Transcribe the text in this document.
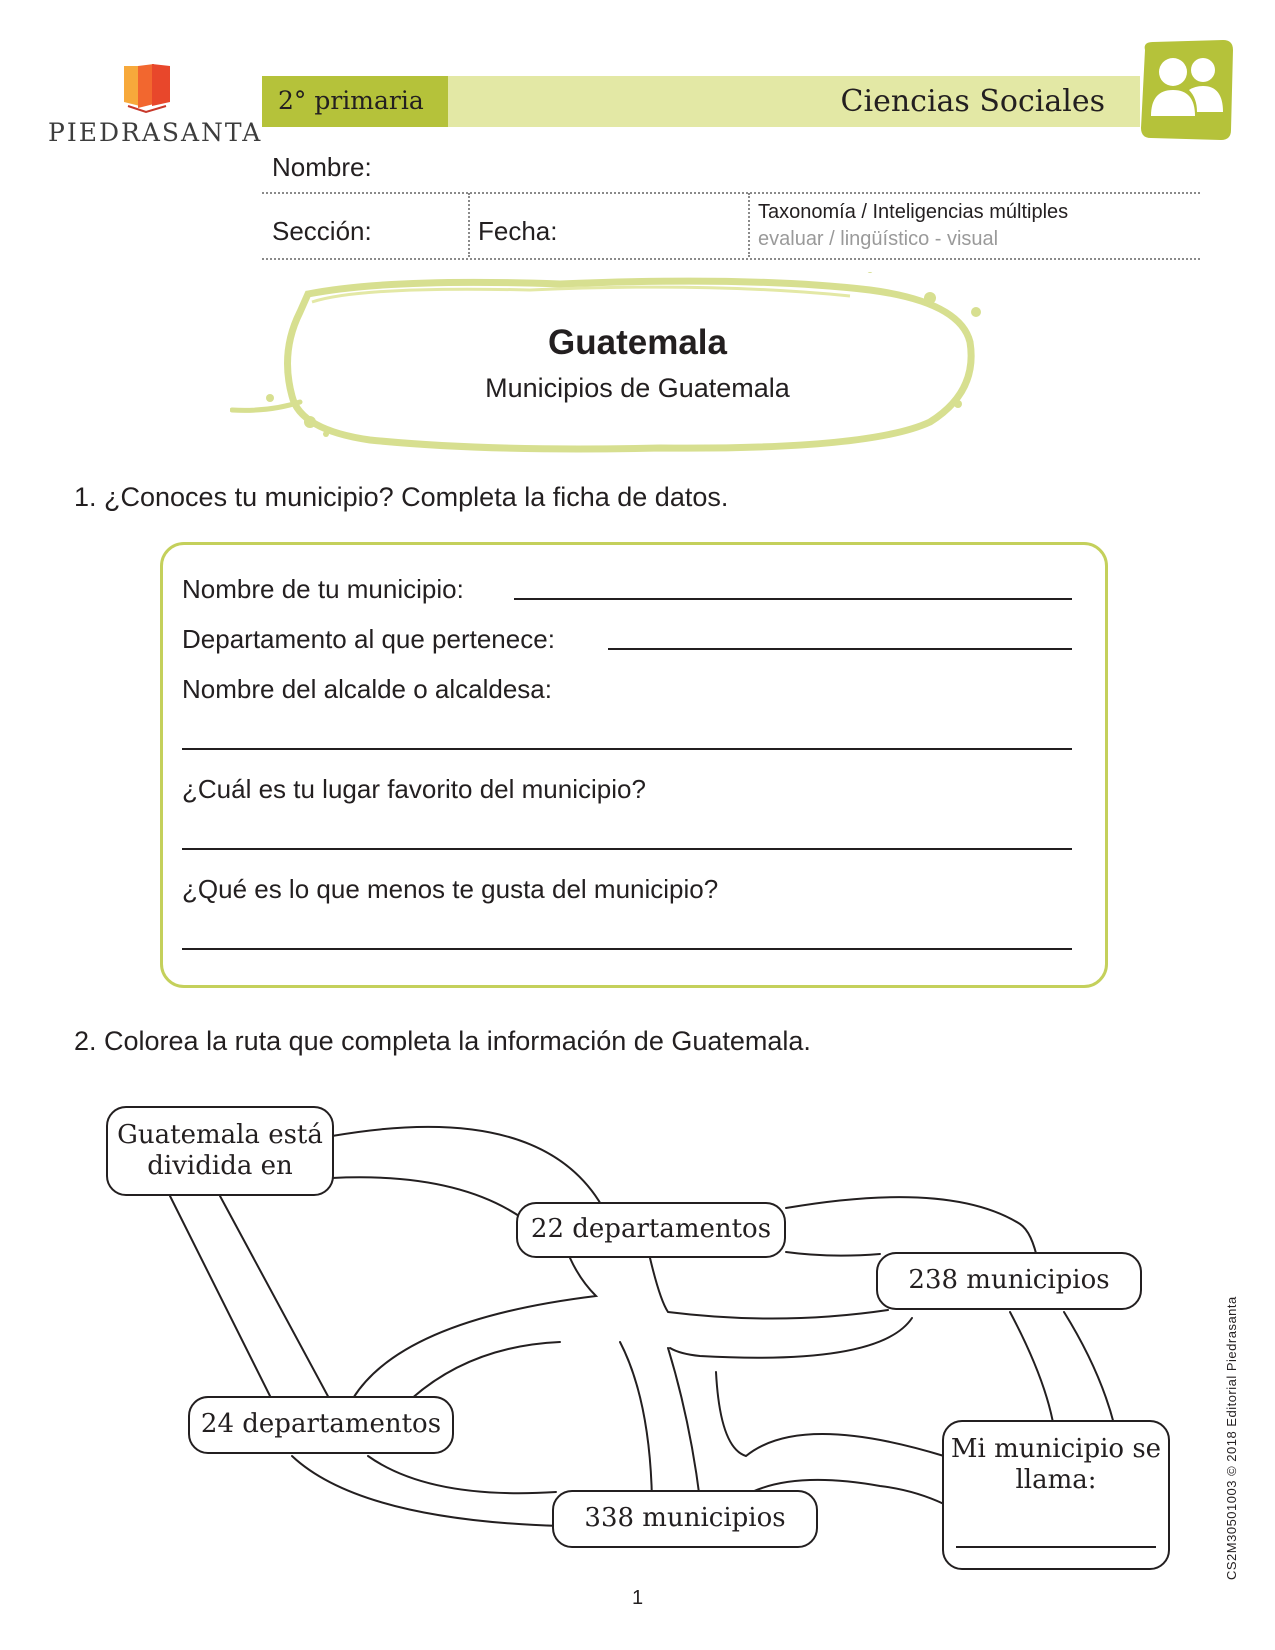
PIEDRASANTA
2° primaria	Ciencias Sociales
Nombre:
Sección:	Fecha:
Taxonomía / Inteligencias múltiples
evaluar / lingüístico - visual
Guatemala
Municipios de Guatemala
1. ¿Conoces tu municipio? Completa la ficha de datos.
Nombre de tu municipio:
Departamento al que pertenece:
Nombre del alcalde o alcaldesa:
¿Cuál es tu lugar favorito del municipio?
¿Qué es lo que menos te gusta del municipio?
2. Colorea la ruta que completa la información de Guatemala.
Guatemala está dividida en
22 departamentos
238 municipios
24 departamentos
338 municipios
Mi municipio se llama:	CS2M30501003 © 2018 Editorial Piedrasanta
1
